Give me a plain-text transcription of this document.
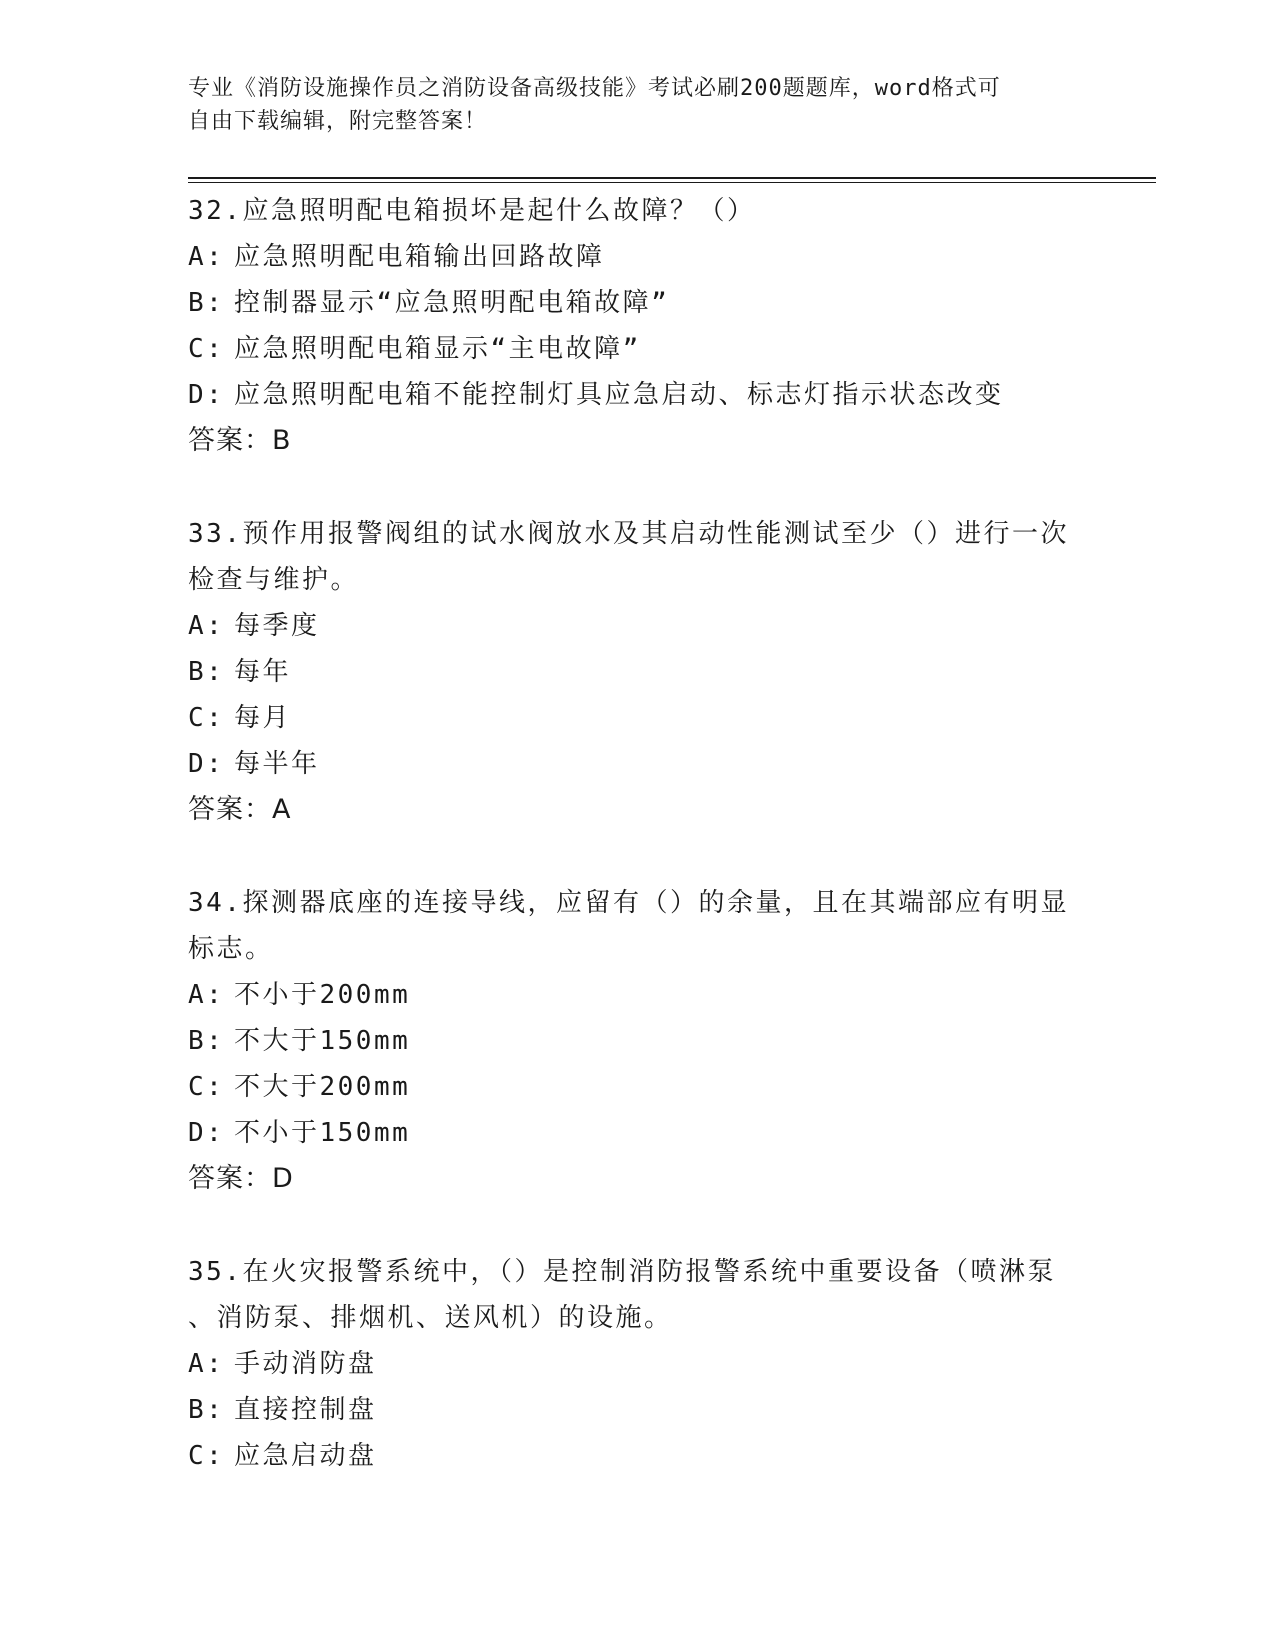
专业《消防设施操作员之消防设备高级技能》考试必刷200题题库，word格式可
自由下载编辑，附完整答案！
32.应急照明配电箱损坏是起什么故障？（）
A: 应急照明配电箱输出回路故障
B: 控制器显示“应急照明配电箱故障”
C: 应急照明配电箱显示“主电故障”
D: 应急照明配电箱不能控制灯具应急启动、标志灯指示状态改变
答案：B
33.预作用报警阀组的试水阀放水及其启动性能测试至少（）进行一次
检查与维护。
A: 每季度
B: 每年
C: 每月
D: 每半年
答案：A
34.探测器底座的连接导线，应留有（）的余量，且在其端部应有明显
标志。
A: 不小于200mm
B: 不大于150mm
C: 不大于200mm
D: 不小于150mm
答案：D
35.在火灾报警系统中，（）是控制消防报警系统中重要设备（喷淋泵
、消防泵、排烟机、送风机）的设施。
A: 手动消防盘
B: 直接控制盘
C: 应急启动盘
